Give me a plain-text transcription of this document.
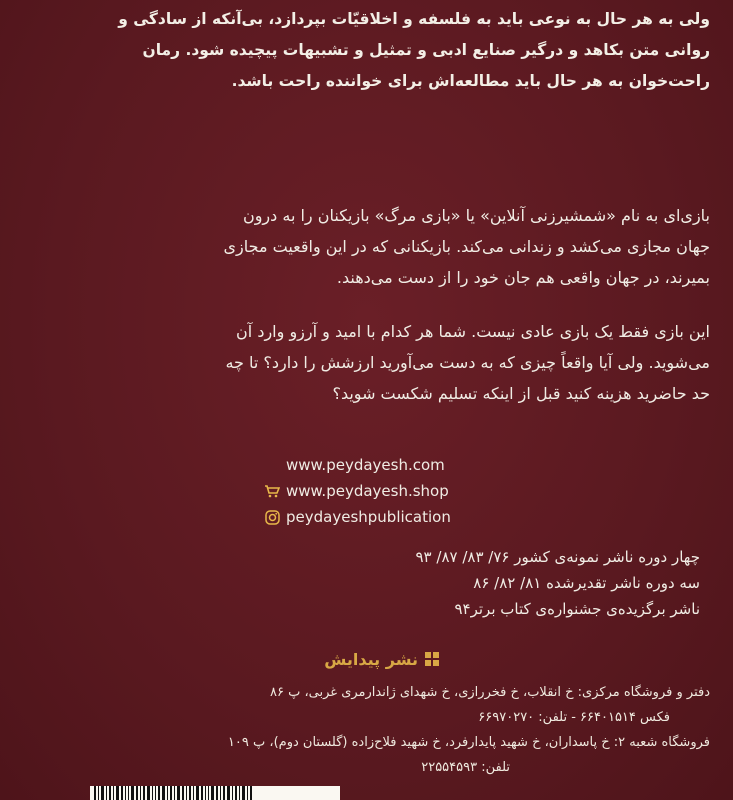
ولی به هر حال به نوعی باید به فلسفه و اخلاقیّات بپردازد، بی‌آنکه از سادگی و
روانی متن بکاهد و درگیر صنایع ادبی و تمثیل و تشبیهات پیچیده شود. رمان
راحت‌خوان به هر حال باید مطالعه‌اش برای خواننده راحت باشد.
بازی‌ای به نام «شمشیرزنی آنلاین» یا «بازی مرگ» بازیکنان را به درون
جهان مجازی می‌کشد و زندانی می‌کند. بازیکنانی که در این واقعیت مجازی
بمیرند، در جهان واقعی هم جان خود را از دست می‌دهند.
این بازی فقط یک بازی عادی نیست. شما هر کدام با امید و آرزو وارد آن
می‌شوید. ولی آیا واقعاً چیزی که به دست می‌آورید ارزشش را دارد؟ تا چه
حد حاضرید هزینه کنید قبل از اینکه تسلیم شکست شوید؟
www.peydayesh.com
www.peydayesh.shop
peydayeshpublication
چهار دوره ناشر نمونه‌ی کشور ۷۶/ ۸۳/ ۸۷/ ۹۳
سه دوره ناشر تقدیرشده ۸۱/ ۸۲/ ۸۶
ناشر برگزیده‌ی جشنواره‌ی کتاب برتر۹۴
نشر پیدایش
دفتر و فروشگاه مرکزی: خ انقلاب، خ فخررازی، خ شهدای ژاندارمری غربی، پ ۸۶
فکس ۶۶۴۰۱۵۱۴ - تلفن: ۶۶۹۷۰۲۷۰
فروشگاه شعبه ۲: خ پاسداران، خ شهید پایدارفرد، خ شهید فلاح‌زاده (گلستان دوم)، پ ۱۰۹
تلفن: ۲۲۵۵۴۵۹۳
